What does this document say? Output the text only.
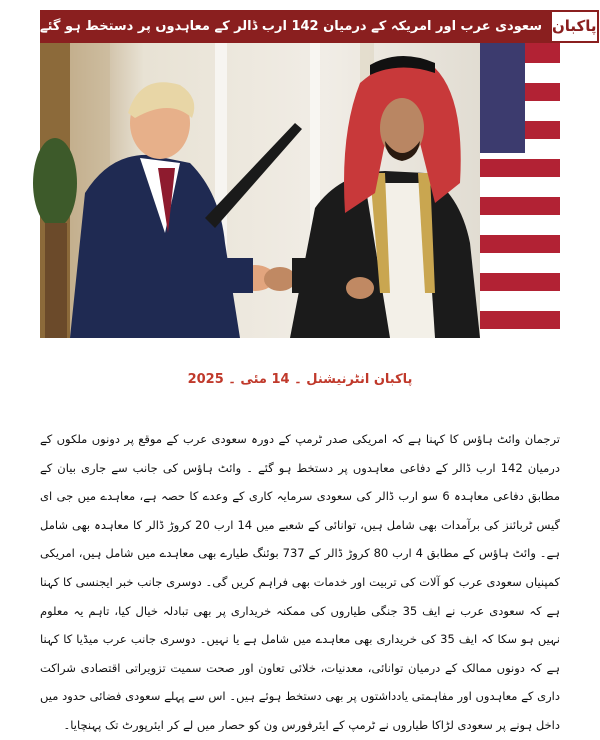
سعودی عرب اور امریکہ کے درمیان 142 ارب ڈالر کے معاہدوں پر دستخط ہو گئے پاکبان
پاکبان انٹرنیشنل ۔ 14 مئی ۔ 2025

ترجمان وائٹ ہاؤس کا کہنا ہے کہ امریکی صدر ٹرمپ کے دورہ سعودی عرب کے موقع پر دونوں ملکوں کے درمیان 142 ارب ڈالر کے دفاعی معاہدوں پر دستخط ہو گئے ۔ وائٹ ہاؤس کی جانب سے جاری بیان کے مطابق دفاعی معاہدہ 6 سو ارب ڈالر کی سعودی سرمایہ کاری کے وعدے کا حصہ ہے، معاہدے میں جی ای گیس ٹربائنز کی برآمدات بھی شامل ہیں، توانائی کے شعبے میں 14 ارب 20 کروڑ ڈالر کا معاہدہ بھی شامل ہے۔ وائٹ ہاؤس کے مطابق 4 ارب 80 کروڑ ڈالر کے 737 بوئنگ طیارے بھی معاہدے میں شامل ہیں، امریکی کمپنیاں سعودی عرب کو آلات کی تربیت اور خدمات بھی فراہم کریں گی۔ دوسری جانب خبر ایجنسی کا کہنا ہے کہ سعودی عرب نے ایف 35 جنگی طیاروں کی ممکنہ خریداری پر بھی تبادلہ خیال کیا، تاہم یہ معلوم نہیں ہو سکا کہ ایف 35 کی خریداری بھی معاہدے میں شامل ہے یا نہیں۔ دوسری جانب عرب میڈیا کا کہنا ہے کہ دونوں ممالک کے درمیان توانائی، معدنیات، خلائی تعاون اور صحت سمیت تزویراتی اقتصادی شراکت داری کے معاہدوں اور مفاہمتی یادداشتوں پر بھی دستخط ہوئے ہیں۔ اس سے پہلے سعودی فضائی حدود میں داخل ہونے پر سعودی لڑاکا طیاروں نے ٹرمپ کے ایئرفورس ون کو حصار میں لے کر ایئرپورٹ تک پہنچایا۔
